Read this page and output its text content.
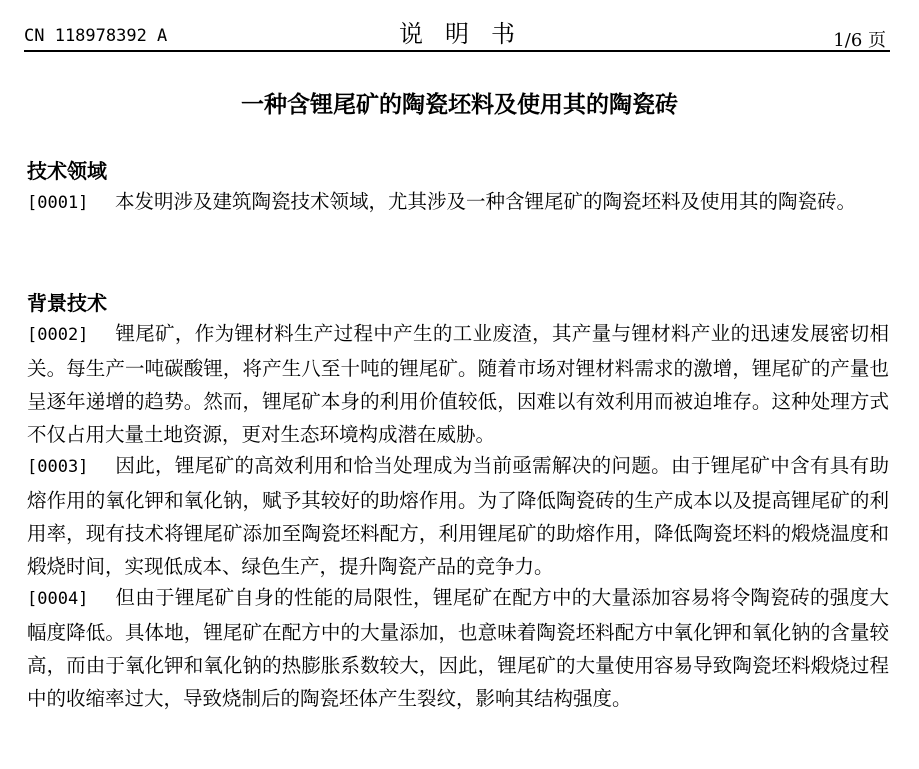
CN 118978392 A	说明书	1/6 页
一种含锂尾矿的陶瓷坯料及使用其的陶瓷砖
技术领域
[0001] 本发明涉及建筑陶瓷技术领域，尤其涉及一种含锂尾矿的陶瓷坯料及使用其的陶瓷砖。
背景技术
[0002] 锂尾矿，作为锂材料生产过程中产生的工业废渣，其产量与锂材料产业的迅速发展密切相关。每生产一吨碳酸锂，将产生八至十吨的锂尾矿。随着市场对锂材料需求的激增，锂尾矿的产量也呈逐年递增的趋势。然而，锂尾矿本身的利用价值较低，因难以有效利用而被迫堆存。这种处理方式不仅占用大量土地资源，更对生态环境构成潜在威胁。
[0003] 因此，锂尾矿的高效利用和恰当处理成为当前亟需解决的问题。由于锂尾矿中含有具有助熔作用的氧化钾和氧化钠，赋予其较好的助熔作用。为了降低陶瓷砖的生产成本以及提高锂尾矿的利用率，现有技术将锂尾矿添加至陶瓷坯料配方，利用锂尾矿的助熔作用，降低陶瓷坯料的煅烧温度和煅烧时间，实现低成本、绿色生产，提升陶瓷产品的竞争力。
[0004] 但由于锂尾矿自身的性能的局限性，锂尾矿在配方中的大量添加容易将令陶瓷砖的强度大幅度降低。具体地，锂尾矿在配方中的大量添加，也意味着陶瓷坯料配方中氧化钾和氧化钠的含量较高，而由于氧化钾和氧化钠的热膨胀系数较大，因此，锂尾矿的大量使用容易导致陶瓷坯料煅烧过程中的收缩率过大，导致烧制后的陶瓷坯体产生裂纹，影响其结构强度。
